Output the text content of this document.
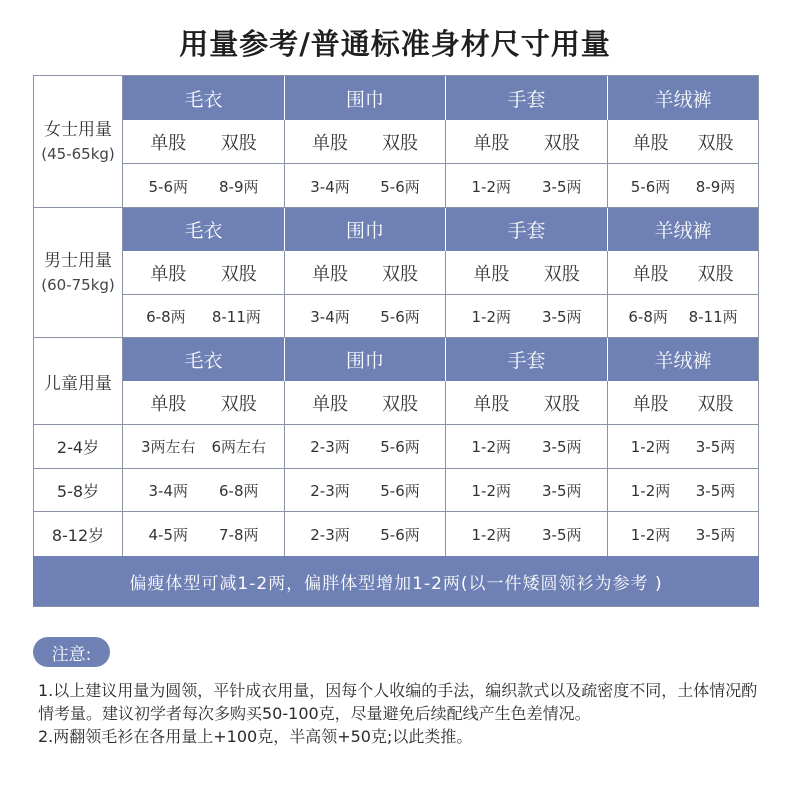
用量参考/普通标准身材尺寸用量
女士用量
(45-65kg)
毛衣	围巾	手套	羊绒裤
单股 双股	单股 双股	单股 双股	单股 双股
5-6两 8-9两	3-4两 5-6两	1-2两 3-5两	5-6两 8-9两
男士用量
(60-75kg)
毛衣	围巾	手套	羊绒裤
单股 双股	单股 双股	单股 双股	单股 双股
6-8两 8-11两	3-4两 5-6两	1-2两 3-5两	6-8两 8-11两
儿童用量
毛衣	围巾	手套	羊绒裤
单股 双股	单股 双股	单股 双股	单股 双股
2-4岁	3两左右 6两左右	2-3两 5-6两	1-2两 3-5两	1-2两 3-5两
5-8岁	3-4两 6-8两	2-3两 5-6两	1-2两 3-5两	1-2两 3-5两
8-12岁	4-5两 7-8两	2-3两 5-6两	1-2两 3-5两	1-2两 3-5两
偏瘦体型可减1-2两，偏胖体型增加1-2两(以一件矮圆领衫为参考 )
注意:

1.以上建议用量为圆领，平针成衣用量，因每个人收编的手法，编织款式以及疏密度不同，土体情况酌情考量。建议初学者每次多购买50-100克，尽量避免后续配线产生色差情况。

2.两翻领毛衫在各用量上+100克，半高领+50克;以此类推。
